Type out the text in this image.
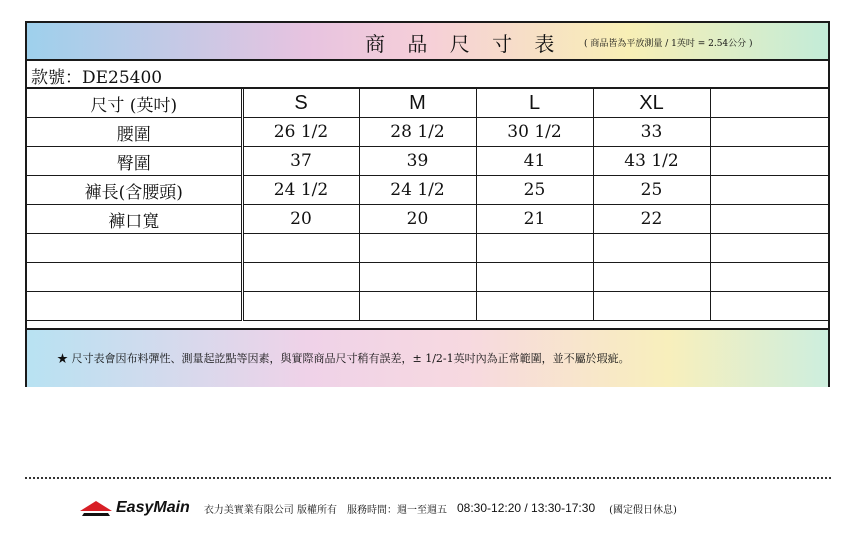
商 品 尺 寸 表 ( 商品皆為平放測量 / 1英吋 = 2.54公分 )
款號：DE25400
尺寸 (英吋)	S	M	L	XL	
腰圍	26 1/2	28 1/2	30 1/2	33	
臀圍	37	39	41	43 1/2	
褲長(含腰頭)	24 1/2	24 1/2	25	25	
褲口寬	20	20	21	22	

★ 尺寸表會因布料彈性、測量起訖點等因素，與實際商品尺寸稍有誤差，± 1/2-1英吋內為正常範圍，並不屬於瑕疵。
EasyMain 衣力美實業有限公司 版權所有 服務時間：週一至週五 08:30-12:20 / 13:30-17:30 (國定假日休息)
